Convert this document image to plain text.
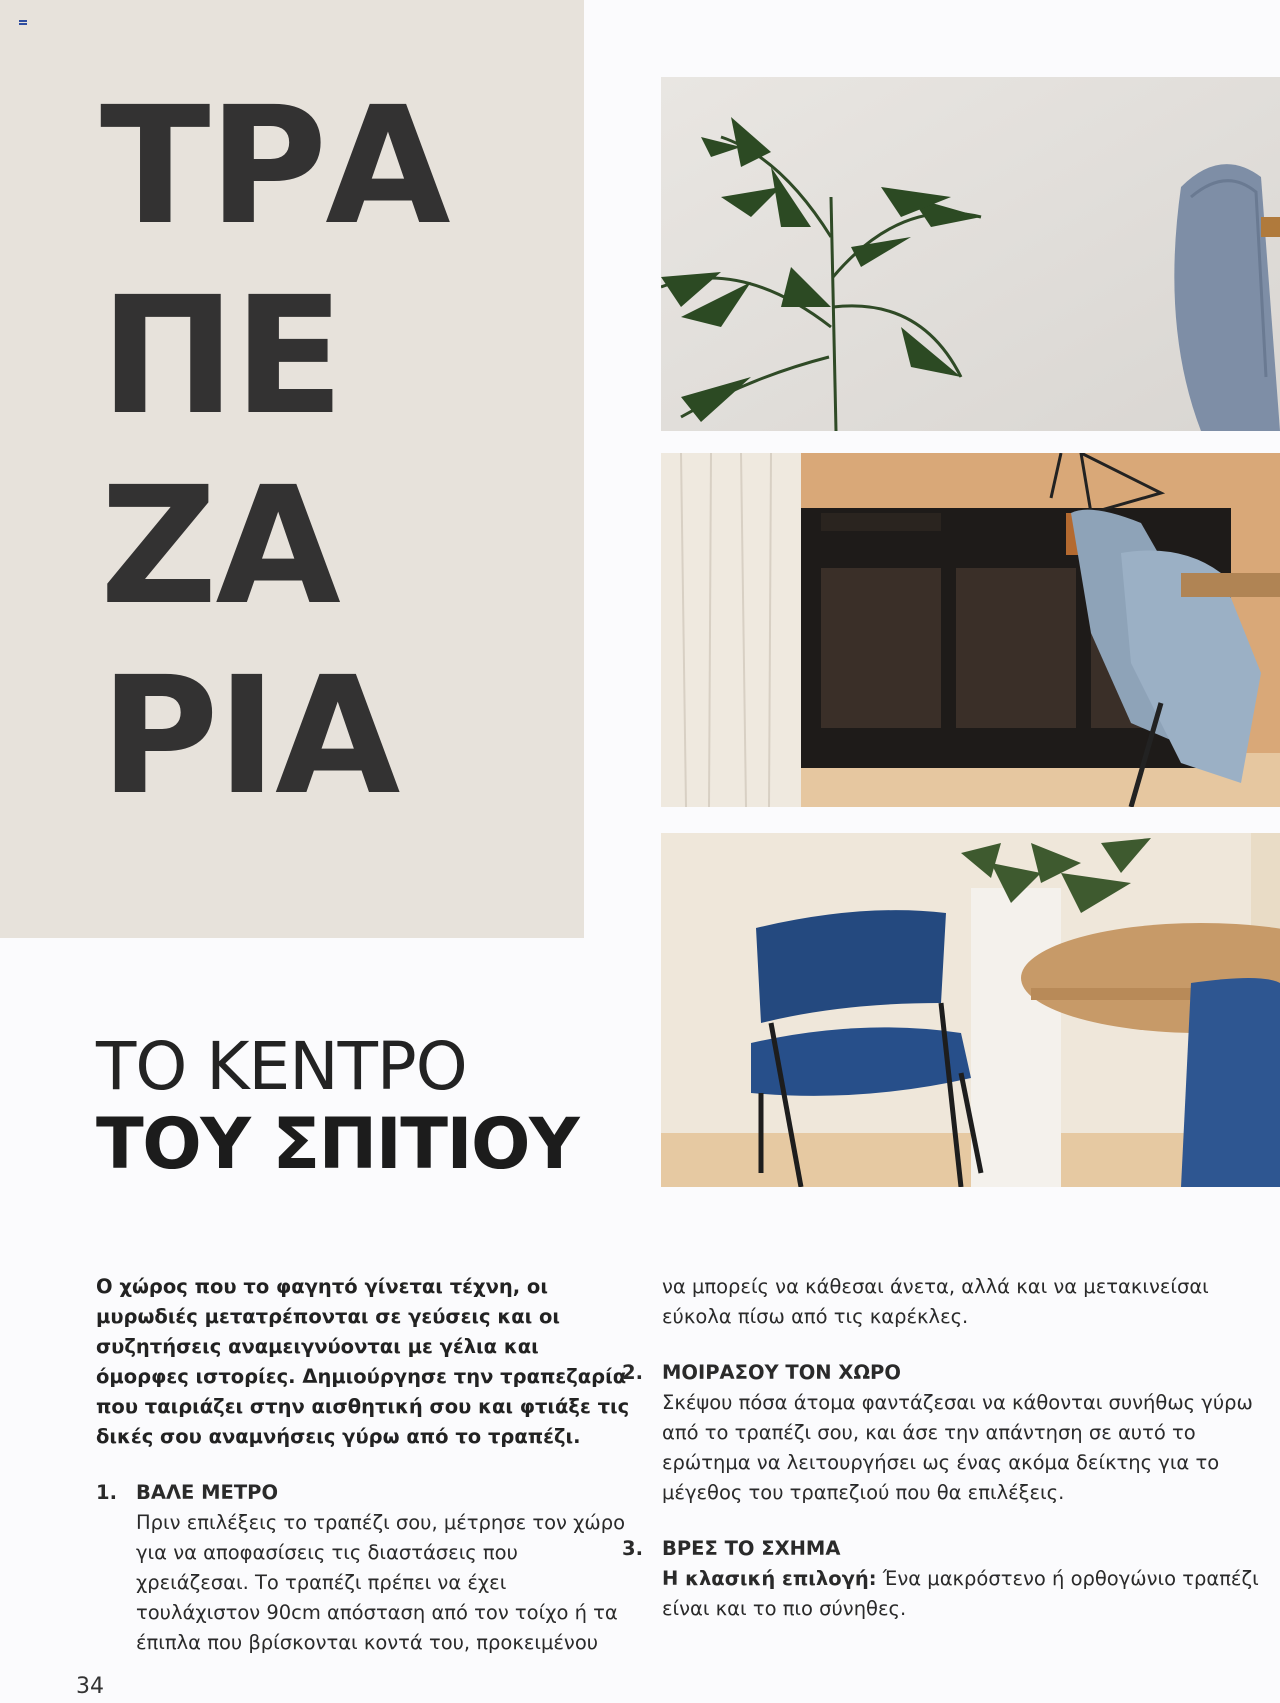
ΤΡΑ
ΠΕ
ΖΑ
ΡΙΑ
ΤΟ ΚΕΝΤΡΟ
ΤΟΥ ΣΠΙΤΙΟΥ

Ο χώρος που το φαγητό γίνεται τέχνη, οι μυρωδιές μετατρέπονται σε γεύσεις και οι συζητήσεις αναμειγνύονται με γέλια και όμορφες ιστορίες. Δημιούργησε την τραπεζαρία που ταιριάζει στην αισθητική σου και φτιάξε τις δικές σου αναμνήσεις γύρω από το τραπέζι.

1. ΒΑΛΕ ΜΕΤΡΟ
Πριν επιλέξεις το τραπέζι σου, μέτρησε τον χώρο για να αποφασίσεις τις διαστάσεις που χρειάζεσαι. Το τραπέζι πρέπει να έχει τουλάχιστον 90cm απόσταση από τον τοίχο ή τα έπιπλα που βρίσκονται κοντά του, προκειμένου
να μπορείς να κάθεσαι άνετα, αλλά και να μετακινείσαι εύκολα πίσω από τις καρέκλες.
2. ΜΟΙΡΑΣΟΥ ΤΟΝ ΧΩΡΟ
Σκέψου πόσα άτομα φαντάζεσαι να κάθονται συνήθως γύρω από το τραπέζι σου, και άσε την απάντηση σε αυτό το ερώτημα να λειτουργήσει ως ένας ακόμα δείκτης για το μέγεθος του τραπεζιού που θα επιλέξεις.
3. ΒΡΕΣ ΤΟ ΣΧΗΜΑ
Η κλασική επιλογή: Ένα μακρόστενο ή ορθογώνιο τραπέζι είναι και το πιο σύνηθες.
34
